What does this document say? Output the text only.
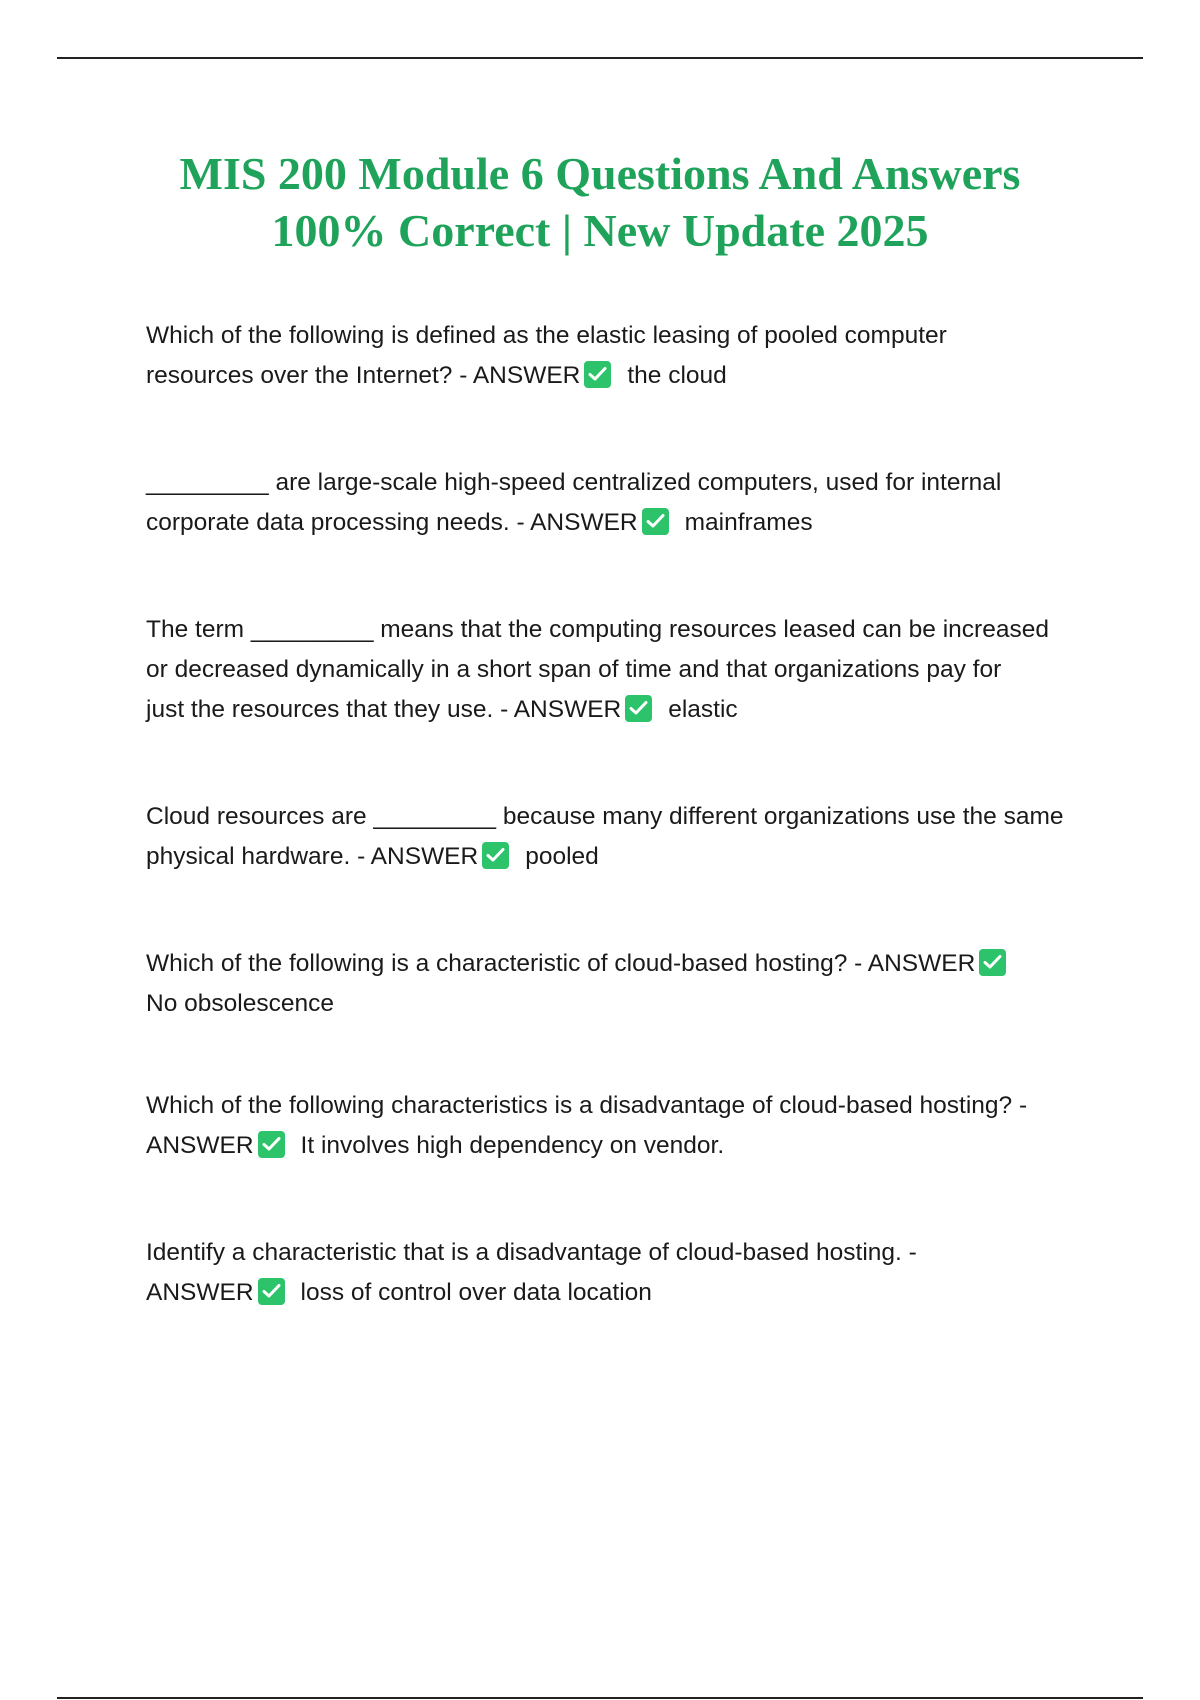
MIS 200 Module 6 Questions And Answers
100% Correct | New Update 2025

Which of the following is defined as the elastic leasing of pooled computer
resources over the Internet? - ANSWER the cloud

_________ are large-scale high-speed centralized computers, used for internal
corporate data processing needs. - ANSWER mainframes

The term _________ means that the computing resources leased can be increased
or decreased dynamically in a short span of time and that organizations pay for
just the resources that they use. - ANSWER elastic

Cloud resources are _________ because many different organizations use the same
physical hardware. - ANSWER pooled

Which of the following is a characteristic of cloud-based hosting? - ANSWER

No obsolescence

Which of the following characteristics is a disadvantage of cloud-based hosting? -
ANSWER It involves high dependency on vendor.

Identify a characteristic that is a disadvantage of cloud-based hosting. -
ANSWER loss of control over data location
